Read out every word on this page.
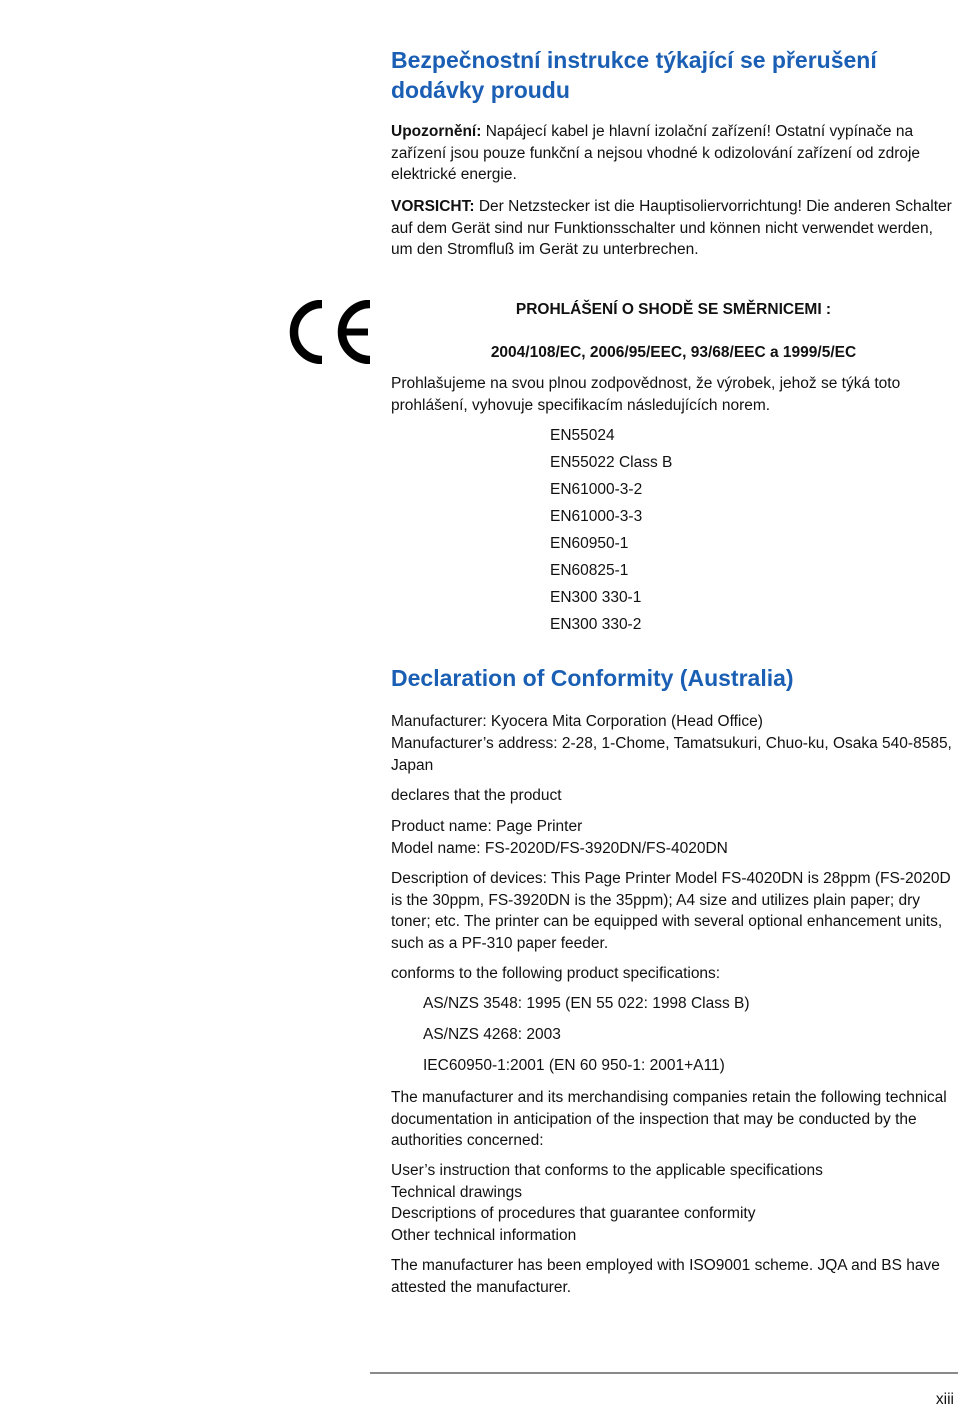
Bezpečnostní instrukce týkající se přerušení dodávky proudu

Upozornění: Napájecí kabel je hlavní izolační zařízení! Ostatní vypínače na zařízení jsou pouze funkční a nejsou vhodné k odizolování zařízení od zdroje elektrické energie.

VORSICHT: Der Netzstecker ist die Hauptisoliervorrichtung! Die anderen Schalter auf dem Gerät sind nur Funktionsschalter und können nicht verwendet werden, um den Stromfluß im Gerät zu unterbrechen.

PROHLÁŠENÍ O SHODĚ SE SMĚRNICEMI :
2004/108/EC, 2006/95/EEC, 93/68/EEC a 1999/5/EC

Prohlašujeme na svou plnou zodpovědnost, že výrobek, jehož se týká toto prohlášení, vyhovuje specifikacím následujících norem.

EN55024
EN55022 Class B
EN61000-3-2
EN61000-3-3
EN60950-1
EN60825-1
EN300 330-1
EN300 330-2
Declaration of Conformity (Australia)

Manufacturer: Kyocera Mita Corporation (Head Office)

Manufacturer’s address: 2-28, 1-Chome, Tamatsukuri, Chuo-ku, Osaka 540-8585, Japan

declares that the product

Product name: Page Printer

Model name: FS-2020D/FS-3920DN/FS-4020DN

Description of devices: This Page Printer Model FS-4020DN is 28ppm (FS-2020D is the 30ppm, FS-3920DN is the 35ppm); A4 size and utilizes plain paper; dry toner; etc. The printer can be equipped with several optional enhancement units, such as a PF-310 paper feeder.

conforms to the following product specifications:

AS/NZS 3548: 1995 (EN 55 022: 1998 Class B)
AS/NZS 4268: 2003
IEC60950-1:2001 (EN 60 950-1: 2001+A11)

The manufacturer and its merchandising companies retain the following technical documentation in anticipation of the inspection that may be conducted by the authorities concerned:

User’s instruction that conforms to the applicable specifications

Technical drawings

Descriptions of procedures that guarantee conformity

Other technical information

The manufacturer has been employed with ISO9001 scheme. JQA and BS have attested the manufacturer.

xiii
